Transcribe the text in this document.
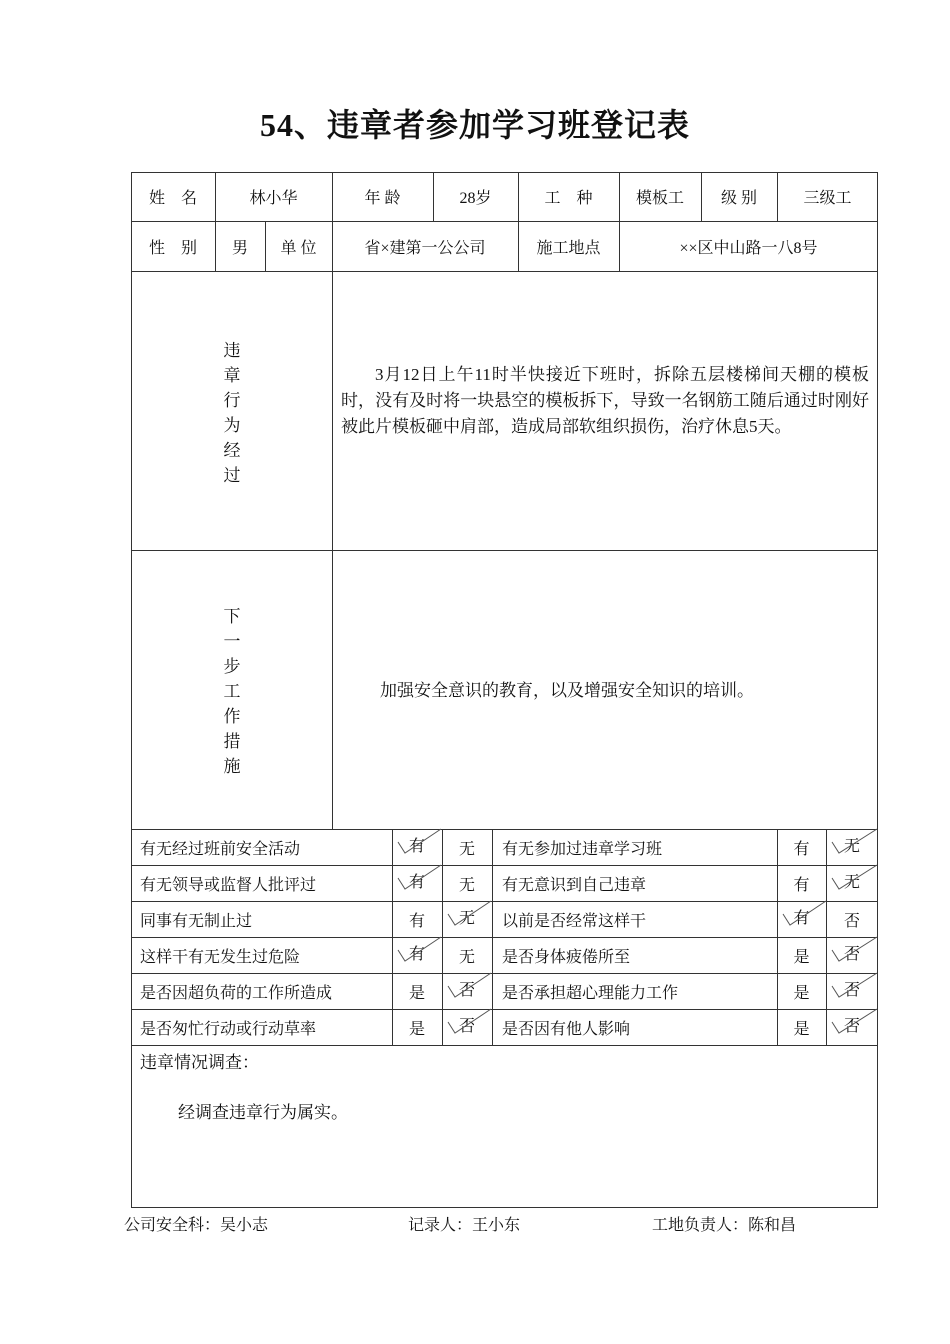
54、违章者参加学习班登记表
姓　名	林小华	年 龄	28岁	工　种	模板工	级 别	三级工
性　别	男	单 位	省×建第一公公司	施工地点	××区中山路一八8号
违
章
行
为
经
过
3月12日上午11时半快接近下班时，拆除五层楼梯间天棚的模板时，没有及时将一块悬空的模板拆下，导致一名钢筋工随后通过时刚好被此片模板砸中肩部，造成局部软组织损伤，治疗休息5天。
下
一
步
工
作
措
施
加强安全意识的教育，以及增强安全知识的培训。
有无经过班前安全活动	有	无	有无参加过违章学习班	有	无
有无领导或监督人批评过	有	无	有无意识到自己违章	有	无
同事有无制止过	有	无	以前是否经常这样干	有	否
这样干有无发生过危险	有	无	是否身体疲倦所至	是	否
是否因超负荷的工作所造成	是	否	是否承担超心理能力工作	是	否
是否匆忙行动或行动草率	是	否	是否因有他人影响	是	否
违章情况调查：
经调查违章行为属实。
公司安全科：吴小志	记录人：王小东	工地负责人：陈和昌
